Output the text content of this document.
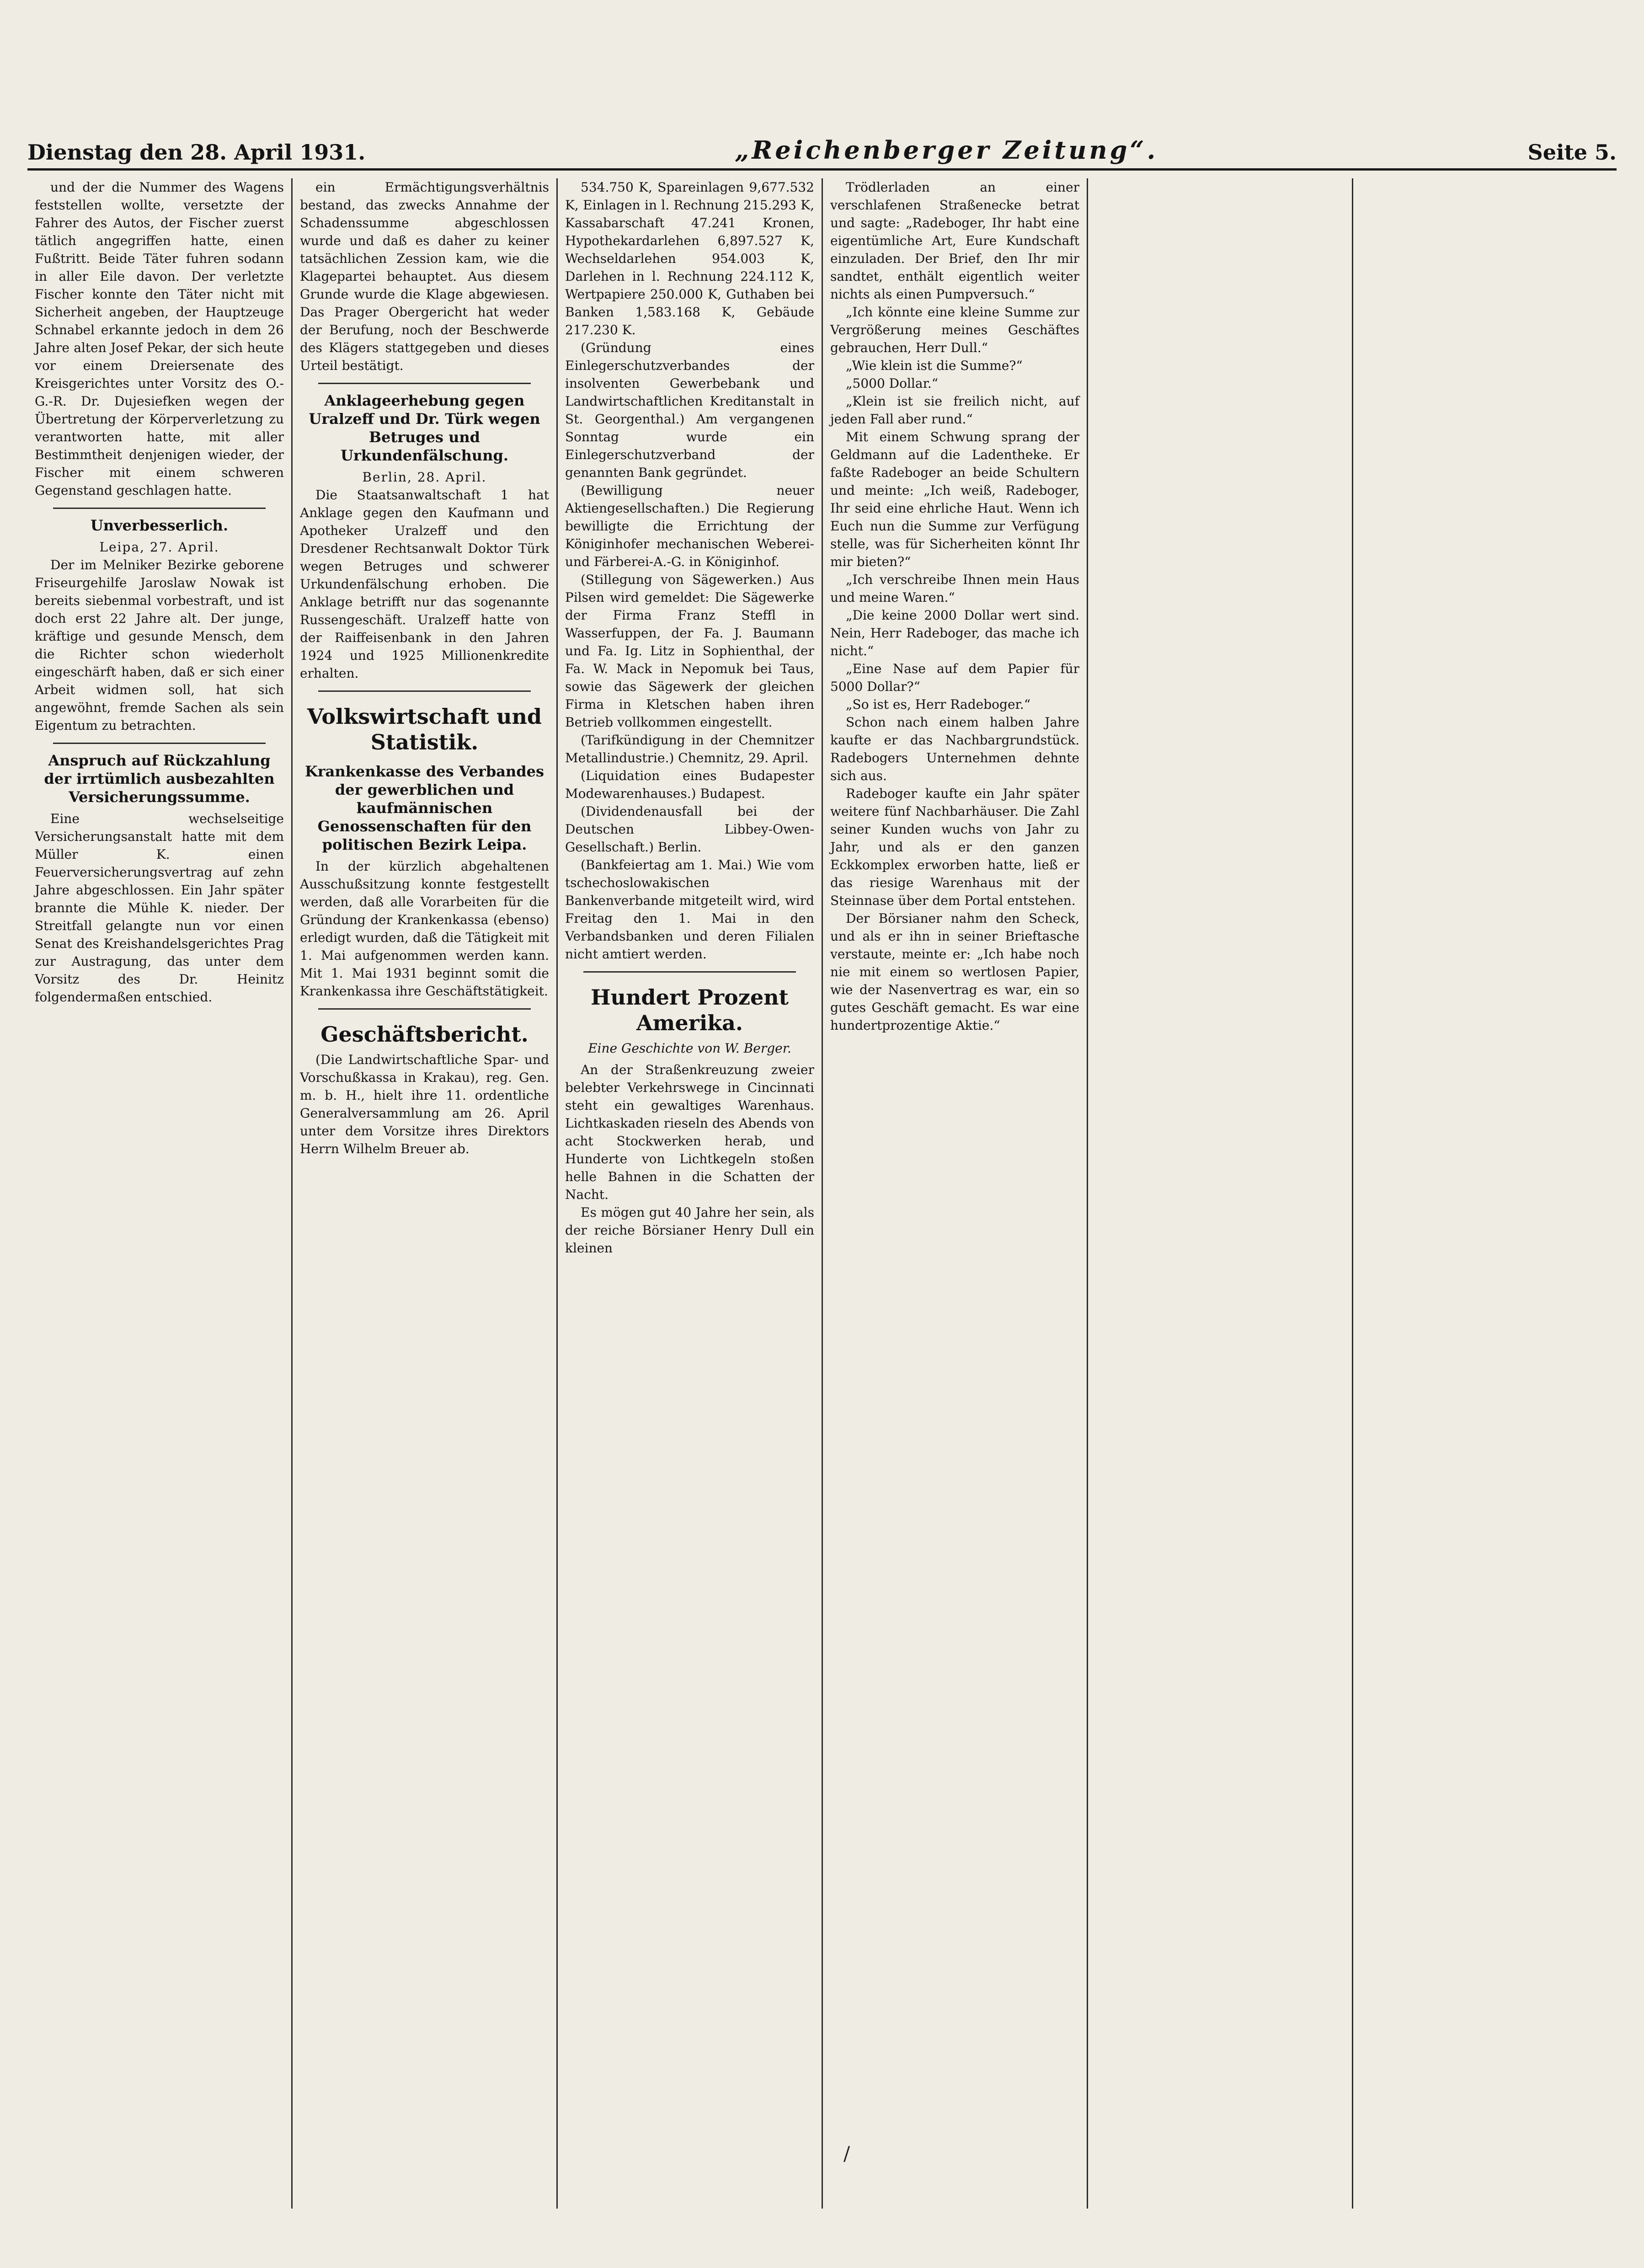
Dienstag den 28. April 1931.	„Reichenberger Zeitung“.	Seite 5.

und der die Nummer des Wagens feststellen wollte, versetzte der Fahrer des Autos, der Fischer zuerst tätlich angegriffen hatte, einen Fußtritt. Beide Täter fuhren sodann in aller Eile davon. Der verletzte Fischer konnte den Täter nicht mit Sicherheit angeben, der Hauptzeuge Schnabel erkannte jedoch in dem 26 Jahre alten Josef Pekar, der sich heute vor einem Dreiersenate des Kreisgerichtes unter Vorsitz des O.-G.-R. Dr. Dujesiefken wegen der Übertretung der Körperverletzung zu verantworten hatte, mit aller Bestimmtheit denjenigen wieder, der Fischer mit einem schweren Gegenstand geschlagen hatte.

Unverbesserlich.
Leipa, 27. April.

Der im Melniker Bezirke geborene Friseurgehilfe Jaroslaw Nowak ist bereits siebenmal vorbestraft, und ist doch erst 22 Jahre alt. Der junge, kräftige und gesunde Mensch, dem die Richter schon wiederholt eingeschärft haben, daß er sich einer Arbeit widmen soll, hat sich angewöhnt, fremde Sachen als sein Eigentum zu betrachten.

Anspruch auf Rückzahlung der irrtümlich ausbezahlten Versicherungssumme.

Eine wechselseitige Versicherungsanstalt hatte mit dem Müller K. einen Feuerversicherungsvertrag auf zehn Jahre abgeschlossen. Ein Jahr später brannte die Mühle K. nieder. Der Streitfall gelangte nun vor einen Senat des Kreishandelsgerichtes Prag zur Austragung, das unter dem Vorsitz des Dr. Heinitz folgendermaßen entschied.

ein Ermächtigungsverhältnis bestand, das zwecks Annahme der Schadenssumme abgeschlossen wurde und daß es daher zu keiner tatsächlichen Zession kam, wie die Klagepartei behauptet. Aus diesem Grunde wurde die Klage abgewiesen. Das Prager Obergericht hat weder der Berufung, noch der Beschwerde des Klägers stattgegeben und dieses Urteil bestätigt.

Anklageerhebung gegen Uralzeff und Dr. Türk wegen Betruges und Urkundenfälschung.
Berlin, 28. April.

Die Staatsanwaltschaft 1 hat Anklage gegen den Kaufmann und Apotheker Uralzeff und den Dresdener Rechtsanwalt Doktor Türk wegen Betruges und schwerer Urkundenfälschung erhoben. Die Anklage betrifft nur das sogenannte Russengeschäft. Uralzeff hatte von der Raiffeisenbank in den Jahren 1924 und 1925 Millionenkredite erhalten.

Volkswirtschaft und Statistik.
Krankenkasse des Verbandes der gewerblichen und kaufmännischen Genossenschaften für den politischen Bezirk Leipa.

In der kürzlich abgehaltenen Ausschußsitzung konnte festgestellt werden, daß alle Vorarbeiten für die Gründung der Krankenkassa (ebenso) erledigt wurden, daß die Tätigkeit mit 1. Mai aufgenommen werden kann. Mit 1. Mai 1931 beginnt somit die Krankenkassa ihre Geschäftstätigkeit.

Geschäftsbericht.

(Die Landwirtschaftliche Spar- und Vorschußkassa in Krakau), reg. Gen. m. b. H., hielt ihre 11. ordentliche Generalversammlung am 26. April unter dem Vorsitze ihres Direktors Herrn Wilhelm Breuer ab.

534.750 K, Spareinlagen 9,677.532 K, Einlagen in l. Rechnung 215.293 K, Kassabarschaft 47.241 Kronen, Hypothekardarlehen 6,897.527 K, Wechseldarlehen 954.003 K, Darlehen in l. Rechnung 224.112 K, Wertpapiere 250.000 K, Guthaben bei Banken 1,583.168 K, Gebäude 217.230 K.

(Gründung eines Einlegerschutzverbandes der insolventen Gewerbebank und Landwirtschaftlichen Kreditanstalt in St. Georgenthal.) Am vergangenen Sonntag wurde ein Einlegerschutzverband der genannten Bank gegründet.

(Bewilligung neuer Aktiengesellschaften.) Die Regierung bewilligte die Errichtung der Königinhofer mechanischen Weberei- und Färberei-A.-G. in Königinhof.

(Stillegung von Sägewerken.) Aus Pilsen wird gemeldet: Die Sägewerke der Firma Franz Steffl in Wasserfuppen, der Fa. J. Baumann und Fa. Ig. Litz in Sophienthal, der Fa. W. Mack in Nepomuk bei Taus, sowie das Sägewerk der gleichen Firma in Kletschen haben ihren Betrieb vollkommen eingestellt.

(Tarifkündigung in der Chemnitzer Metallindustrie.) Chemnitz, 29. April.

(Liquidation eines Budapester Modewarenhauses.) Budapest.

(Dividendenausfall bei der Deutschen Libbey-Owen-Gesellschaft.) Berlin.

(Bankfeiertag am 1. Mai.) Wie vom tschechoslowakischen Bankenverbande mitgeteilt wird, wird Freitag den 1. Mai in den Verbandsbanken und deren Filialen nicht amtiert werden.

Hundert Prozent Amerika.
Eine Geschichte von W. Berger.

An der Straßenkreuzung zweier belebter Verkehrswege in Cincinnati steht ein gewaltiges Warenhaus. Lichtkaskaden rieseln des Abends von acht Stockwerken herab, und Hunderte von Lichtkegeln stoßen helle Bahnen in die Schatten der Nacht.

Es mögen gut 40 Jahre her sein, als der reiche Börsianer Henry Dull ein kleinen

Trödlerladen an einer verschlafenen Straßenecke betrat und sagte: „Radeboger, Ihr habt eine eigentümliche Art, Eure Kundschaft einzuladen. Der Brief, den Ihr mir sandtet, enthält eigentlich weiter nichts als einen Pumpversuch.“

„Ich könnte eine kleine Summe zur Vergrößerung meines Geschäftes gebrauchen, Herr Dull.“

„Wie klein ist die Summe?“

„5000 Dollar.“

„Klein ist sie freilich nicht, auf jeden Fall aber rund.“

Mit einem Schwung sprang der Geldmann auf die Ladentheke. Er faßte Radeboger an beide Schultern und meinte: „Ich weiß, Radeboger, Ihr seid eine ehrliche Haut. Wenn ich Euch nun die Summe zur Verfügung stelle, was für Sicherheiten könnt Ihr mir bieten?“

„Ich verschreibe Ihnen mein Haus und meine Waren.“

„Die keine 2000 Dollar wert sind. Nein, Herr Radeboger, das mache ich nicht.“

„Eine Nase auf dem Papier für 5000 Dollar?“

„So ist es, Herr Radeboger.“

Schon nach einem halben Jahre kaufte er das Nachbargrundstück. Radebogers Unternehmen dehnte sich aus.

Radeboger kaufte ein Jahr später weitere fünf Nachbarhäuser. Die Zahl seiner Kunden wuchs von Jahr zu Jahr, und als er den ganzen Eckkomplex erworben hatte, ließ er das riesige Warenhaus mit der Steinnase über dem Portal entstehen.

Der Börsianer nahm den Scheck, und als er ihn in seiner Brieftasche verstaute, meinte er: „Ich habe noch nie mit einem so wertlosen Papier, wie der Nasenvertrag es war, ein so gutes Geschäft gemacht. Es war eine hundertprozentige Aktie.“

/
